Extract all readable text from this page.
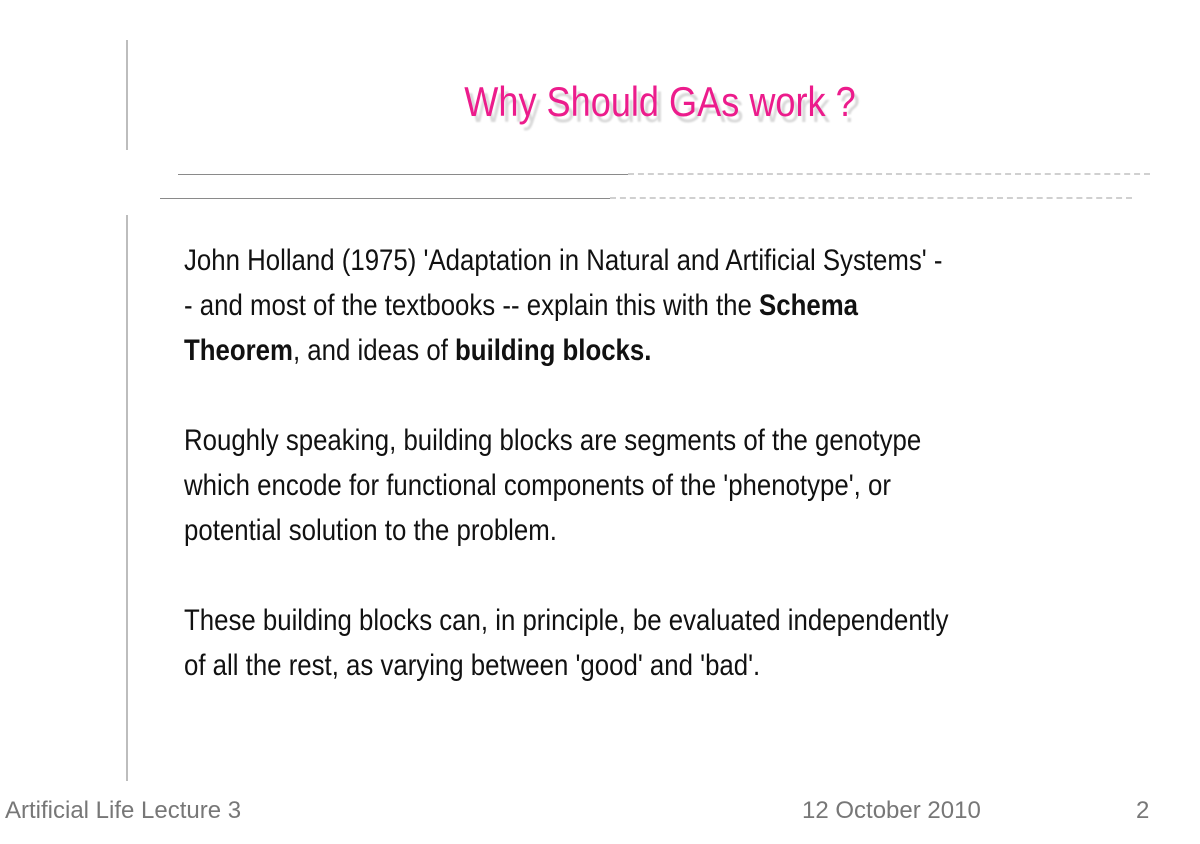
Why Should GAs work ?

John Holland (1975) 'Adaptation in Natural and Artificial Systems' -
- and most of the textbooks -- explain this with the Schema
Theorem, and ideas of building blocks.

Roughly speaking, building blocks are segments of the genotype
which encode for functional components of the 'phenotype', or
potential solution to the problem.

These building blocks can, in principle, be evaluated independently
of all the rest, as varying between 'good' and 'bad'.

Artificial Life Lecture 3	12 October 2010	2
